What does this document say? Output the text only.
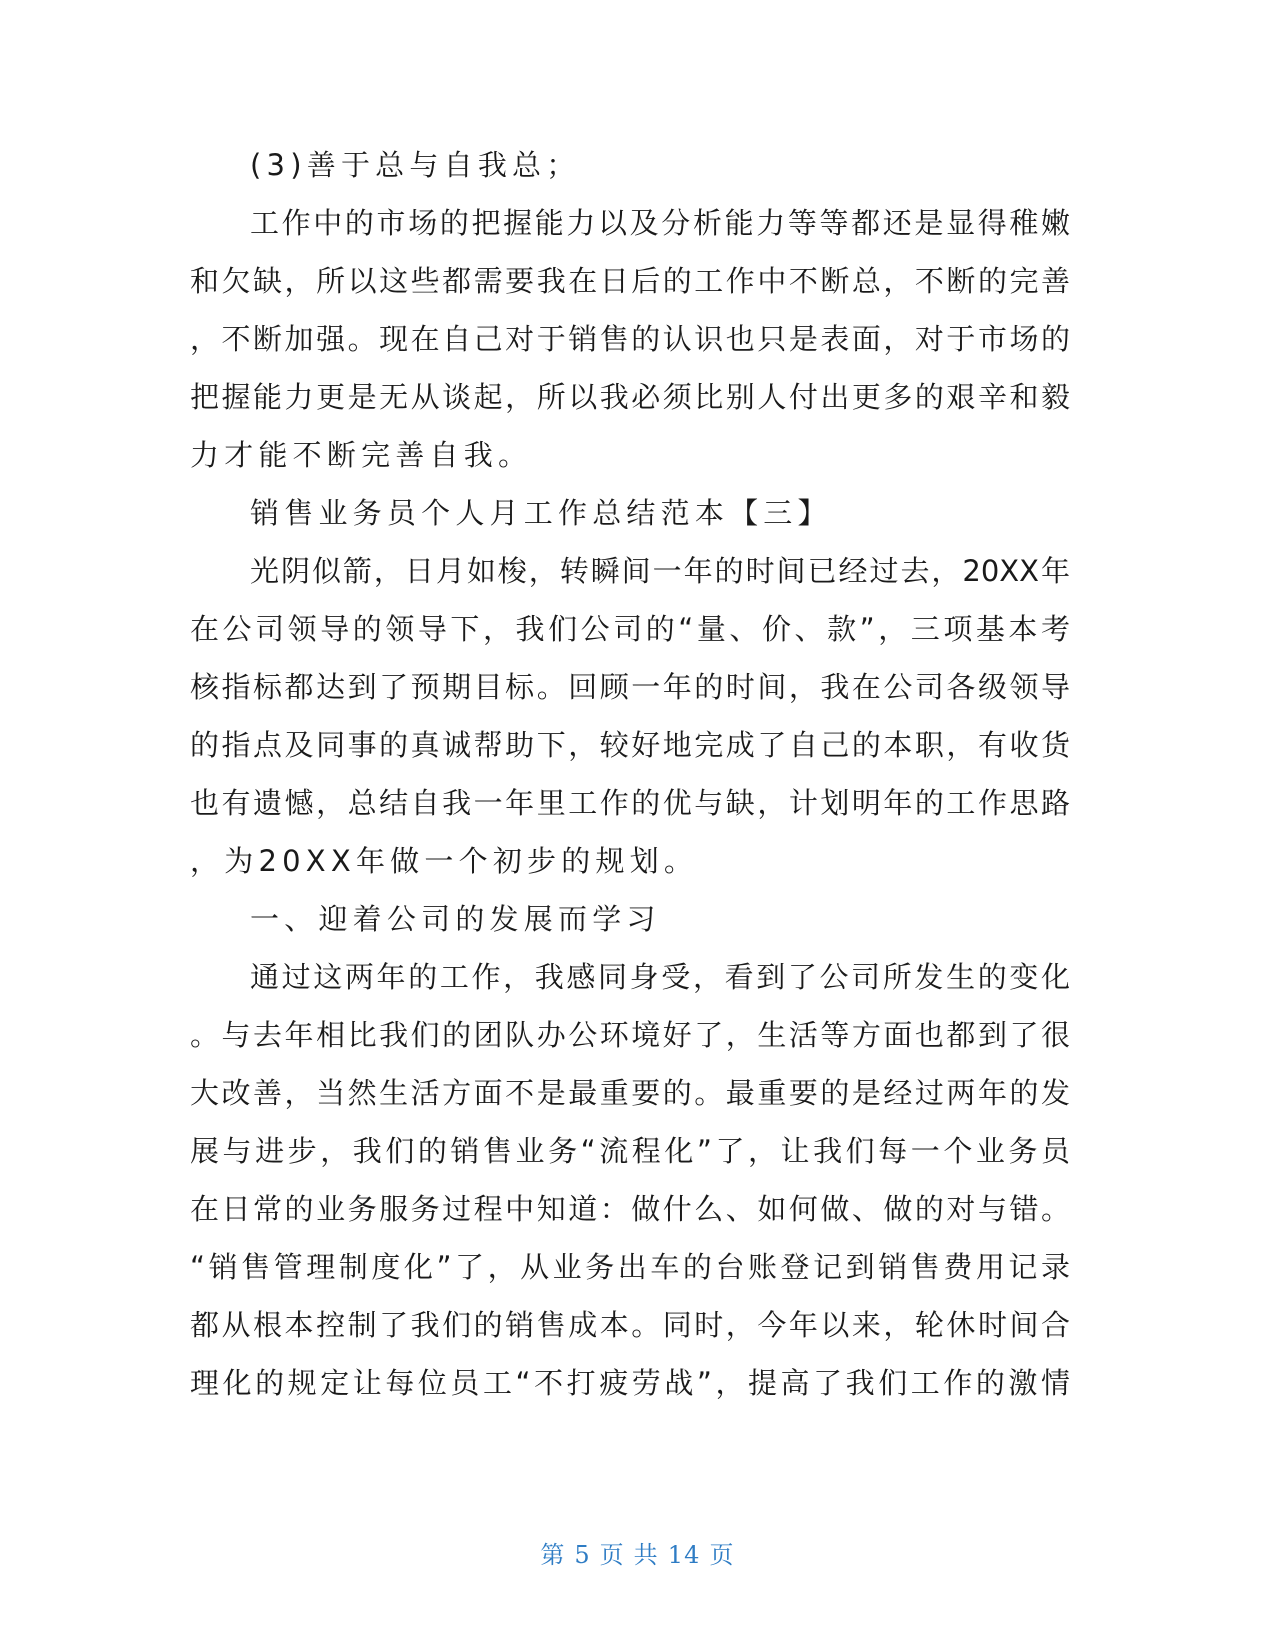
(3)善于总与自我总；
工作中的市场的把握能力以及分析能力等等都还是显得稚嫩
和欠缺，所以这些都需要我在日后的工作中不断总，不断的完善
，不断加强。现在自己对于销售的认识也只是表面，对于市场的
把握能力更是无从谈起，所以我必须比别人付出更多的艰辛和毅
力才能不断完善自我。
销售业务员个人月工作总结范本【三】
光阴似箭，日月如梭，转瞬间一年的时间已经过去，20XX年
在公司领导的领导下，我们公司的“量、价、款”，三项基本考
核指标都达到了预期目标。回顾一年的时间，我在公司各级领导
的指点及同事的真诚帮助下，较好地完成了自己的本职，有收货
也有遗憾，总结自我一年里工作的优与缺，计划明年的工作思路
，为20XX年做一个初步的规划。
一、迎着公司的发展而学习
通过这两年的工作，我感同身受，看到了公司所发生的变化
。与去年相比我们的团队办公环境好了，生活等方面也都到了很
大改善，当然生活方面不是最重要的。最重要的是经过两年的发
展与进步，我们的销售业务“流程化”了，让我们每一个业务员
在日常的业务服务过程中知道：做什么、如何做、做的对与错。
“销售管理制度化”了，从业务出车的台账登记到销售费用记录
都从根本控制了我们的销售成本。同时，今年以来，轮休时间合
理化的规定让每位员工“不打疲劳战”，提高了我们工作的激情
第 5 页 共 14 页
